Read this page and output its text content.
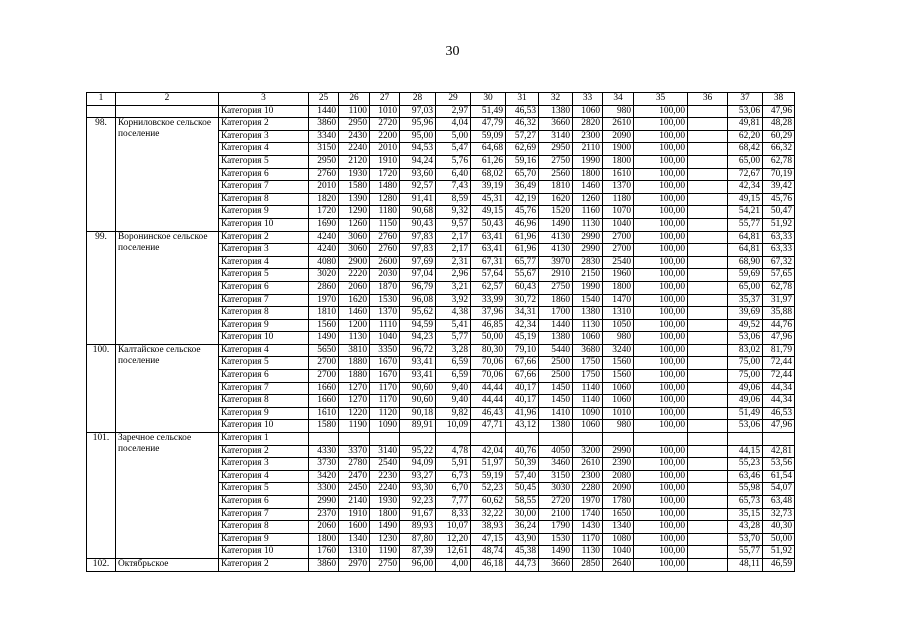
30
1	2	3	25	26	27	28	29	30	31	32	33	34	35	36	37	38
		Категория 10	1440	1100	1010	97,03	2,97	51,49	46,53	1380	1060	980	100,00		53,06	47,96
98.	Корниловское сельское поселение	Категория 2	3860	2950	2720	95,96	4,04	47,79	46,32	3660	2820	2610	100,00		49,81	48,28
		Категория 3	3340	2430	2200	95,00	5,00	59,09	57,27	3140	2300	2090	100,00		62,20	60,29
		Категория 4	3150	2240	2010	94,53	5,47	64,68	62,69	2950	2110	1900	100,00		68,42	66,32
		Категория 5	2950	2120	1910	94,24	5,76	61,26	59,16	2750	1990	1800	100,00		65,00	62,78
		Категория 6	2760	1930	1720	93,60	6,40	68,02	65,70	2560	1800	1610	100,00		72,67	70,19
		Категория 7	2010	1580	1480	92,57	7,43	39,19	36,49	1810	1460	1370	100,00		42,34	39,42
		Категория 8	1820	1390	1280	91,41	8,59	45,31	42,19	1620	1260	1180	100,00		49,15	45,76
		Категория 9	1720	1290	1180	90,68	9,32	49,15	45,76	1520	1160	1070	100,00		54,21	50,47
		Категория 10	1690	1260	1150	90,43	9,57	50,43	46,96	1490	1130	1040	100,00		55,77	51,92
99.	Воронинское сельское поселение	Категория 2	4240	3060	2760	97,83	2,17	63,41	61,96	4130	2990	2700	100,00		64,81	63,33
		Категория 3	4240	3060	2760	97,83	2,17	63,41	61,96	4130	2990	2700	100,00		64,81	63,33
		Категория 4	4080	2900	2600	97,69	2,31	67,31	65,77	3970	2830	2540	100,00		68,90	67,32
		Категория 5	3020	2220	2030	97,04	2,96	57,64	55,67	2910	2150	1960	100,00		59,69	57,65
		Категория 6	2860	2060	1870	96,79	3,21	62,57	60,43	2750	1990	1800	100,00		65,00	62,78
		Категория 7	1970	1620	1530	96,08	3,92	33,99	30,72	1860	1540	1470	100,00		35,37	31,97
		Категория 8	1810	1460	1370	95,62	4,38	37,96	34,31	1700	1380	1310	100,00		39,69	35,88
		Категория 9	1560	1200	1110	94,59	5,41	46,85	42,34	1440	1130	1050	100,00		49,52	44,76
		Категория 10	1490	1130	1040	94,23	5,77	50,00	45,19	1380	1060	980	100,00		53,06	47,96
100.	Калтайское сельское поселение	Категория 4	5650	3810	3350	96,72	3,28	80,30	79,10	5440	3680	3240	100,00		83,02	81,79
		Категория 5	2700	1880	1670	93,41	6,59	70,06	67,66	2500	1750	1560	100,00		75,00	72,44
		Категория 6	2700	1880	1670	93,41	6,59	70,06	67,66	2500	1750	1560	100,00		75,00	72,44
		Категория 7	1660	1270	1170	90,60	9,40	44,44	40,17	1450	1140	1060	100,00		49,06	44,34
		Категория 8	1660	1270	1170	90,60	9,40	44,44	40,17	1450	1140	1060	100,00		49,06	44,34
		Категория 9	1610	1220	1120	90,18	9,82	46,43	41,96	1410	1090	1010	100,00		51,49	46,53
		Категория 10	1580	1190	1090	89,91	10,09	47,71	43,12	1380	1060	980	100,00		53,06	47,96
101.	Заречное сельское поселение	Категория 1														
		Категория 2	4330	3370	3140	95,22	4,78	42,04	40,76	4050	3200	2990	100,00		44,15	42,81
		Категория 3	3730	2780	2540	94,09	5,91	51,97	50,39	3460	2610	2390	100,00		55,23	53,56
		Категория 4	3420	2470	2230	93,27	6,73	59,19	57,40	3150	2300	2080	100,00		63,46	61,54
		Категория 5	3300	2450	2240	93,30	6,70	52,23	50,45	3030	2280	2090	100,00		55,98	54,07
		Категория 6	2990	2140	1930	92,23	7,77	60,62	58,55	2720	1970	1780	100,00		65,73	63,48
		Категория 7	2370	1910	1800	91,67	8,33	32,22	30,00	2100	1740	1650	100,00		35,15	32,73
		Категория 8	2060	1600	1490	89,93	10,07	38,93	36,24	1790	1430	1340	100,00		43,28	40,30
		Категория 9	1800	1340	1230	87,80	12,20	47,15	43,90	1530	1170	1080	100,00		53,70	50,00
		Категория 10	1760	1310	1190	87,39	12,61	48,74	45,38	1490	1130	1040	100,00		55,77	51,92
102.	Октябрьское	Категория 2	3860	2970	2750	96,00	4,00	46,18	44,73	3660	2850	2640	100,00		48,11	46,59
